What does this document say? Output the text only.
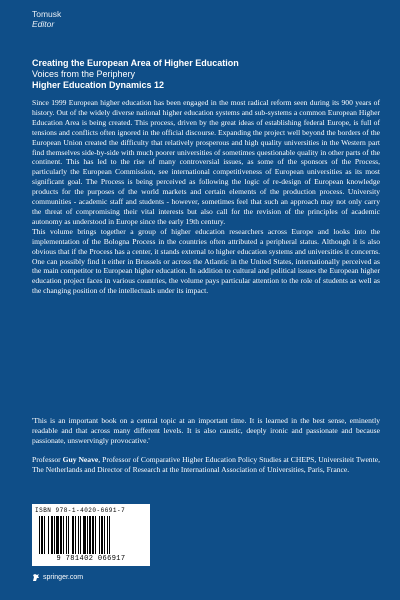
Tomusk
Editor
Creating the European Area of Higher Education
Voices from the Periphery
Higher Education Dynamics 12

Since 1999 European higher education has been engaged in the most radical reform seen during its 900 years of history. Out of the widely diverse national higher education systems and sub-systems a common European Higher Education Area is being created. This process, driven by the great ideas of establishing federal Europe, is full of tensions and conflicts often ignored in the official discourse. Expanding the project well beyond the borders of the European Union created the difficulty that relatively prosperous and high quality universities in the Western part find themselves side-by-side with much poorer universities of sometimes questionable quality in other parts of the continent. This has led to the rise of many controversial issues, as some of the sponsors of the Process, particularly the European Commission, see international competitiveness of European universities as its most significant goal. The Process is being perceived as following the logic of re-design of European knowledge products for the purposes of the world markets and certain elements of the production process. University communities - academic staff and students - however, sometimes feel that such an approach may not only carry the threat of compromising their vital interests but also call for the revision of the principles of academic autonomy as understood in Europe since the early 19th century.

This volume brings together a group of higher education researchers across Europe and looks into the implementation of the Bologna Process in the countries often attributed a peripheral status. Although it is also obvious that if the Process has a center, it stands external to higher education systems and universities it concerns. One can possibly find it either in Brussels or across the Atlantic in the United States, internationally perceived as the main competitor to European higher education. In addition to cultural and political issues the European higher education project faces in various countries, the volume pays particular attention to the role of students as well as the changing position of the intellectuals under its impact.

'This is an important book on a central topic at an important time. It is learned in the best sense, eminently readable and that across many different levels. It is also caustic, deeply ironic and passionate and because passionate, unswervingly provocative.'

Professor Guy Neave, Professor of Comparative Higher Education Policy Studies at CHEPS, Universiteit Twente, The Netherlands and Director of Research at the International Association of Universities, Paris, France.

ISBN 978-1-4020-6691-7
9 781402 066917
springer.com
